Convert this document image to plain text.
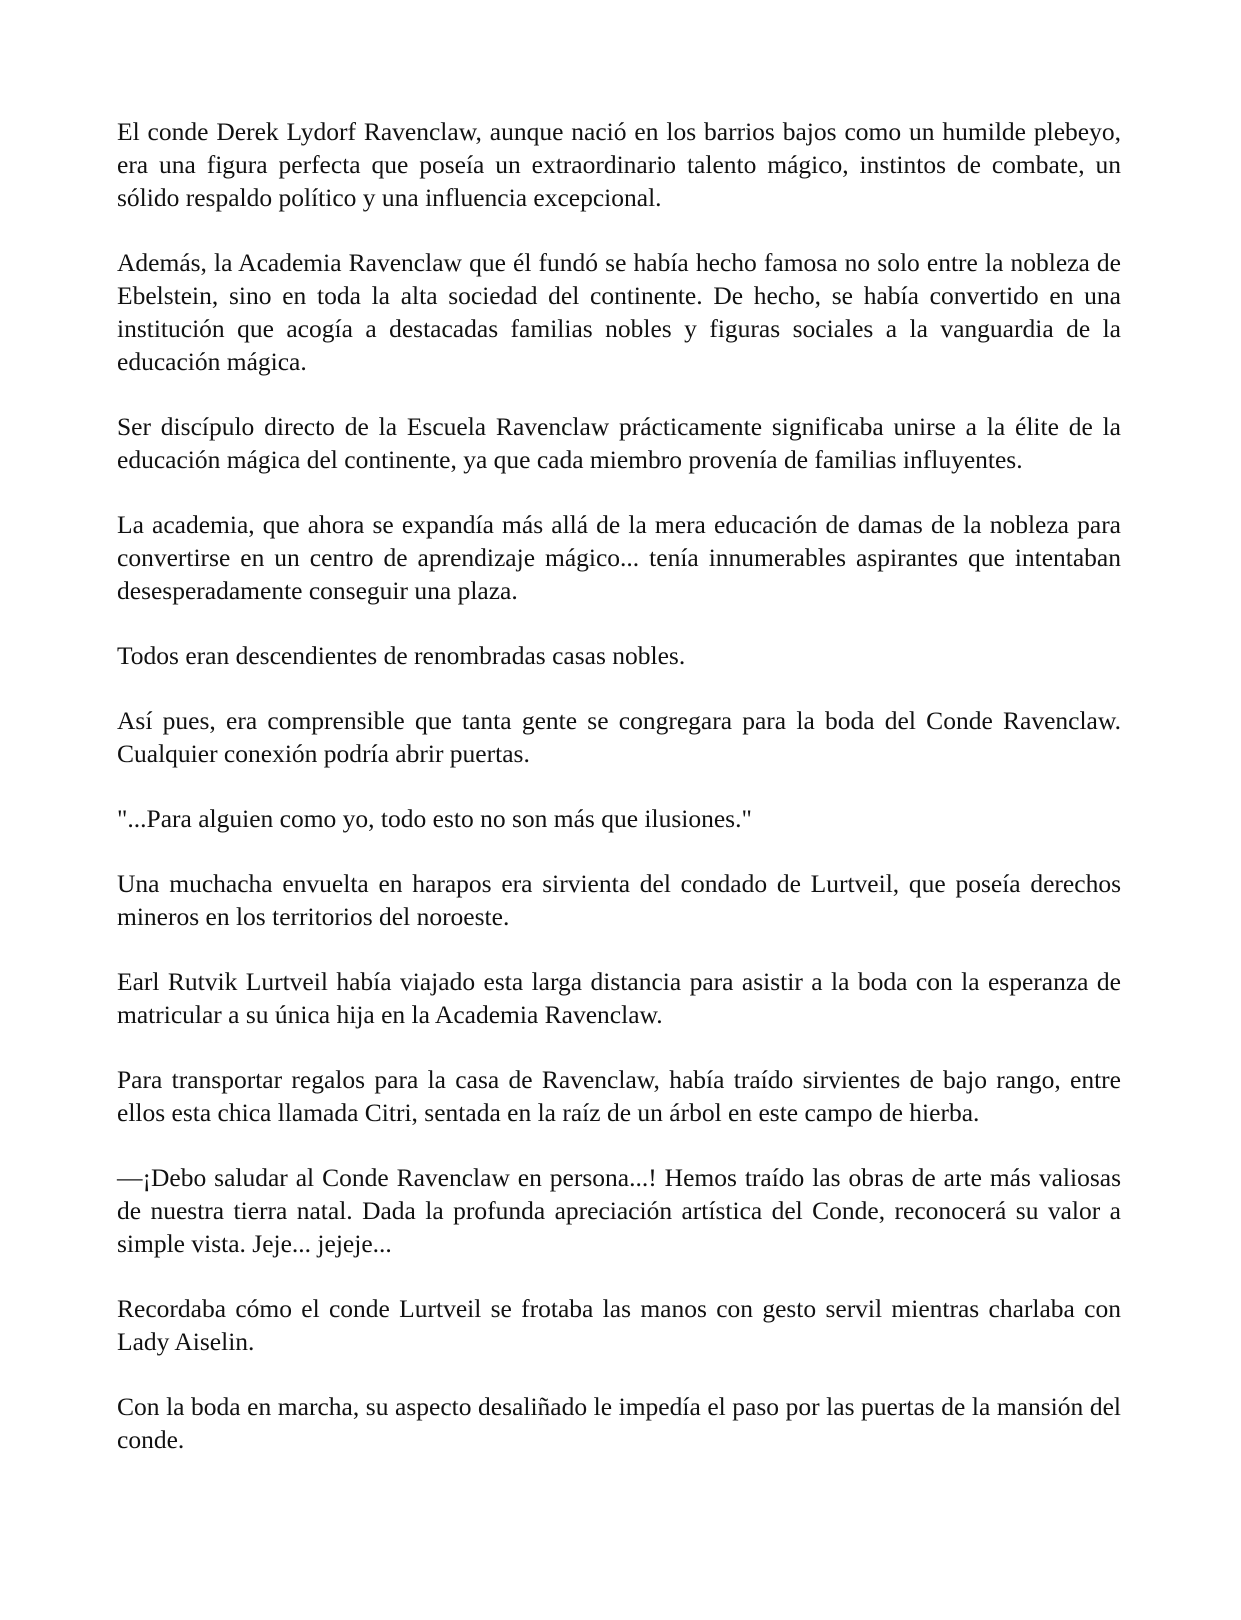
El conde Derek Lydorf Ravenclaw, aunque nació en los barrios bajos como un humilde plebeyo, era una figura perfecta que poseía un extraordinario talento mágico, instintos de combate, un sólido respaldo político y una influencia excepcional.

Además, la Academia Ravenclaw que él fundó se había hecho famosa no solo entre la nobleza de Ebelstein, sino en toda la alta sociedad del continente. De hecho, se había convertido en una institución que acogía a destacadas familias nobles y figuras sociales a la vanguardia de la educación mágica.

Ser discípulo directo de la Escuela Ravenclaw prácticamente significaba unirse a la élite de la educación mágica del continente, ya que cada miembro provenía de familias influyentes.

La academia, que ahora se expandía más allá de la mera educación de damas de la nobleza para convertirse en un centro de aprendizaje mágico... tenía innumerables aspirantes que intentaban desesperadamente conseguir una plaza.

Todos eran descendientes de renombradas casas nobles.

Así pues, era comprensible que tanta gente se congregara para la boda del Conde Ravenclaw. Cualquier conexión podría abrir puertas.

"...Para alguien como yo, todo esto no son más que ilusiones."

Una muchacha envuelta en harapos era sirvienta del condado de Lurtveil, que poseía derechos mineros en los territorios del noroeste.

Earl Rutvik Lurtveil había viajado esta larga distancia para asistir a la boda con la esperanza de matricular a su única hija en la Academia Ravenclaw.

Para transportar regalos para la casa de Ravenclaw, había traído sirvientes de bajo rango, entre ellos esta chica llamada Citri, sentada en la raíz de un árbol en este campo de hierba.

—¡Debo saludar al Conde Ravenclaw en persona...! Hemos traído las obras de arte más valiosas de nuestra tierra natal. Dada la profunda apreciación artística del Conde, reconocerá su valor a simple vista. Jeje... jejeje...

Recordaba cómo el conde Lurtveil se frotaba las manos con gesto servil mientras charlaba con Lady Aiselin.

Con la boda en marcha, su aspecto desaliñado le impedía el paso por las puertas de la mansión del conde.
